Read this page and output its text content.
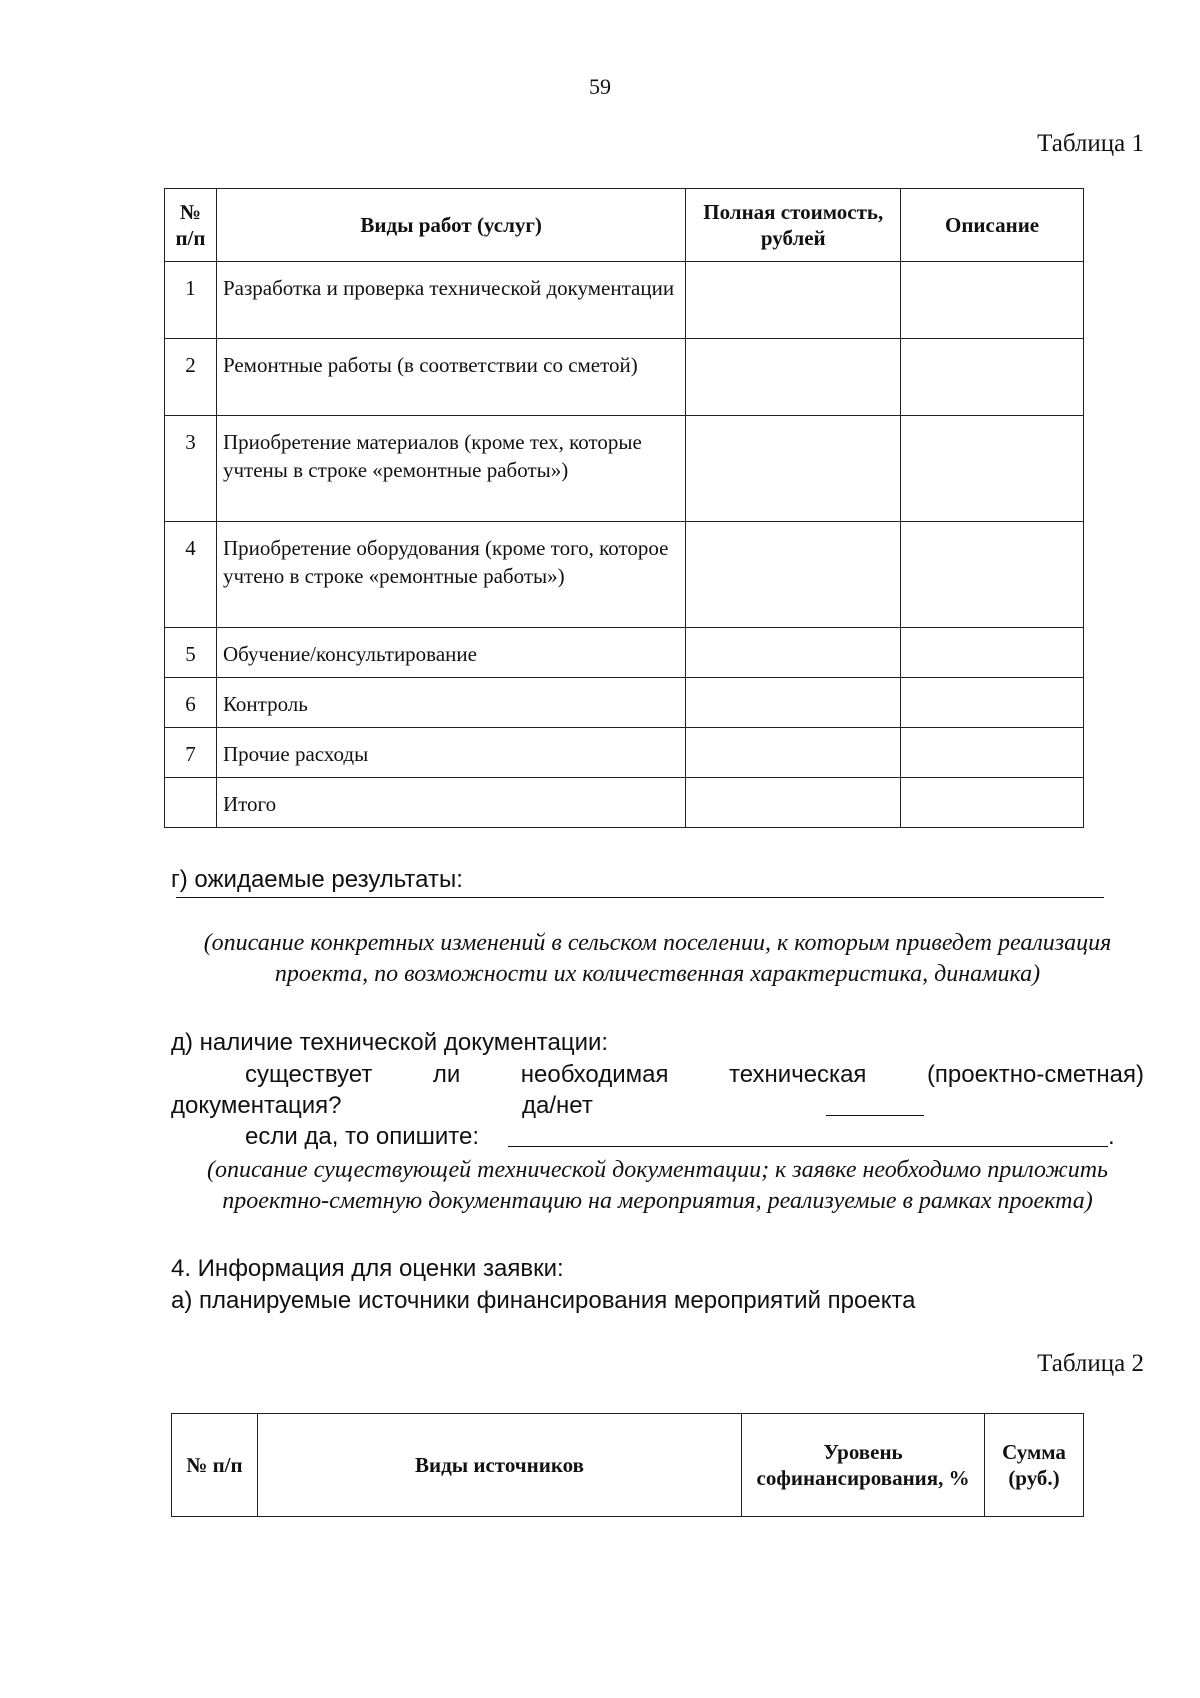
59
Таблица 1
№ п/п	Виды работ (услуг)	Полная стоимость, рублей	Описание
1	Разработка и проверка технической документации		
2	Ремонтные работы (в соответствии со сметой)		
3	Приобретение материалов (кроме тех, которые учтены в строке «ремонтные работы»)		
4	Приобретение оборудования (кроме того, которое учтено в строке «ремонтные работы»)		
5	Обучение/консультирование		
6	Контроль		
7	Прочие расходы		
	Итого		
г) ожидаемые результаты:
(описание конкретных изменений в сельском поселении, к которым приведет реализация проекта, по возможности их количественная характеристика, динамика)
д) наличие технической документации:
существует	ли	необходимая	техническая	(проектно-сметная)
документация?	да/нет
если да, то опишите:	.
(описание существующей технической документации; к заявке необходимо приложить проектно-сметную документацию на мероприятия, реализуемые в рамках проекта)
4. Информация для оценки заявки:
а) планируемые источники финансирования мероприятий проекта
Таблица 2
№ п/п	Виды источников	Уровень софинансирования, %	Сумма (руб.)
